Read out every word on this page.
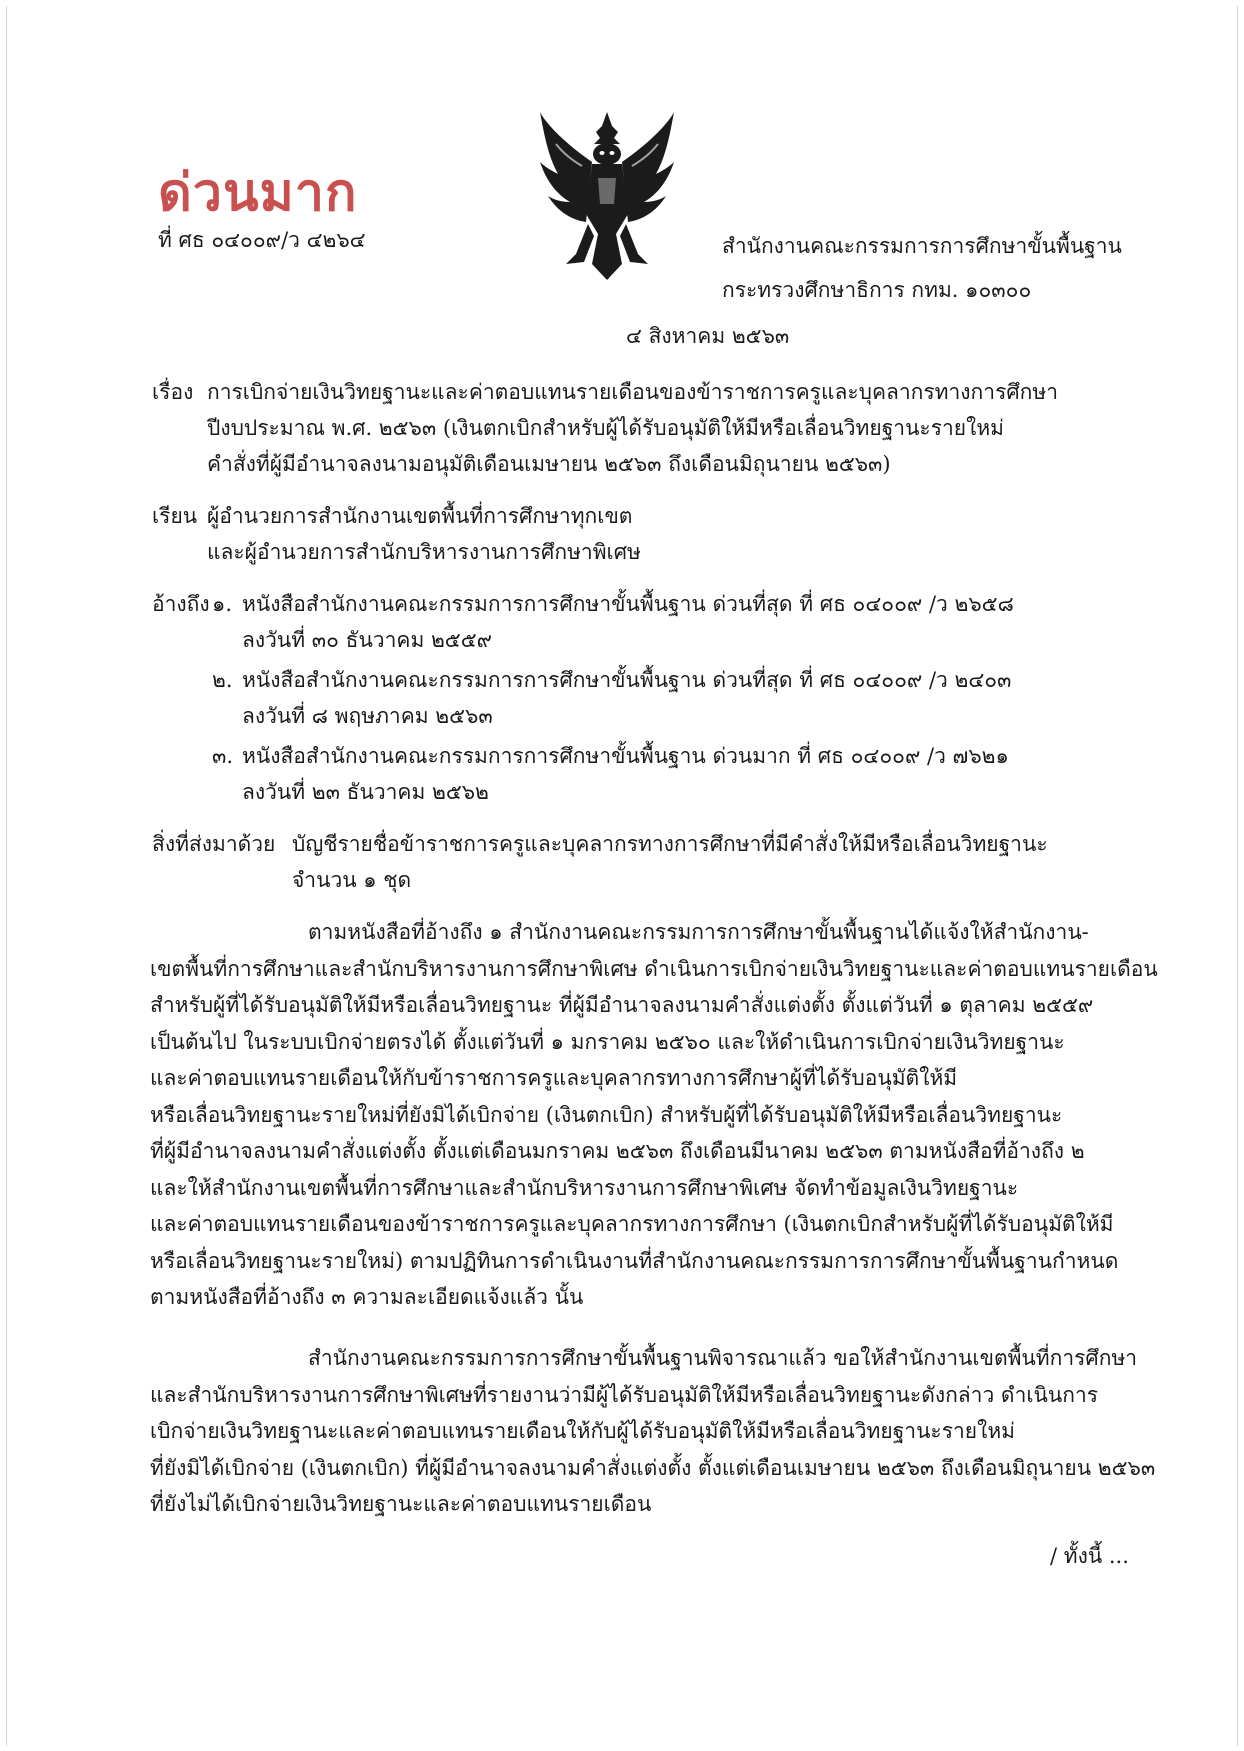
ด่วนมาก
ที่ ศธ ๐๔๐๐๙/ว ๔๒๖๔	สำนักงานคณะกรรมการการศึกษาขั้นพื้นฐาน
กระทรวงศึกษาธิการ กทม. ๑๐๓๐๐
๔ สิงหาคม ๒๕๖๓
เรื่อง การเบิกจ่ายเงินวิทยฐานะและค่าตอบแทนรายเดือนของข้าราชการครูและบุคลากรทางการศึกษา
ปีงบประมาณ พ.ศ. ๒๕๖๓ (เงินตกเบิกสำหรับผู้ได้รับอนุมัติให้มีหรือเลื่อนวิทยฐานะรายใหม่
คำสั่งที่ผู้มีอำนาจลงนามอนุมัติเดือนเมษายน ๒๕๖๓ ถึงเดือนมิถุนายน ๒๕๖๓)
เรียน ผู้อำนวยการสำนักงานเขตพื้นที่การศึกษาทุกเขต
และผู้อำนวยการสำนักบริหารงานการศึกษาพิเศษ
อ้างถึง ๑. หนังสือสำนักงานคณะกรรมการการศึกษาขั้นพื้นฐาน ด่วนที่สุด ที่ ศธ ๐๔๐๐๙ /ว ๒๖๕๘
ลงวันที่ ๓๐ ธันวาคม ๒๕๕๙
๒. หนังสือสำนักงานคณะกรรมการการศึกษาขั้นพื้นฐาน ด่วนที่สุด ที่ ศธ ๐๔๐๐๙ /ว ๒๔๐๓
ลงวันที่ ๘ พฤษภาคม ๒๕๖๓
๓. หนังสือสำนักงานคณะกรรมการการศึกษาขั้นพื้นฐาน ด่วนมาก ที่ ศธ ๐๔๐๐๙ /ว ๗๖๒๑
ลงวันที่ ๒๓ ธันวาคม ๒๕๖๒
สิ่งที่ส่งมาด้วย บัญชีรายชื่อข้าราชการครูและบุคลากรทางการศึกษาที่มีคำสั่งให้มีหรือเลื่อนวิทยฐานะ
จำนวน ๑ ชุด
ตามหนังสือที่อ้างถึง ๑ สำนักงานคณะกรรมการการศึกษาขั้นพื้นฐานได้แจ้งให้สำนักงาน-
เขตพื้นที่การศึกษาและสำนักบริหารงานการศึกษาพิเศษ ดำเนินการเบิกจ่ายเงินวิทยฐานะและค่าตอบแทนรายเดือน
สำหรับผู้ที่ได้รับอนุมัติให้มีหรือเลื่อนวิทยฐานะ ที่ผู้มีอำนาจลงนามคำสั่งแต่งตั้ง ตั้งแต่วันที่ ๑ ตุลาคม ๒๕๕๙
เป็นต้นไป ในระบบเบิกจ่ายตรงได้ ตั้งแต่วันที่ ๑ มกราคม ๒๕๖๐ และให้ดำเนินการเบิกจ่ายเงินวิทยฐานะ
และค่าตอบแทนรายเดือนให้กับข้าราชการครูและบุคลากรทางการศึกษาผู้ที่ได้รับอนุมัติให้มี
หรือเลื่อนวิทยฐานะรายใหม่ที่ยังมิได้เบิกจ่าย (เงินตกเบิก) สำหรับผู้ที่ได้รับอนุมัติให้มีหรือเลื่อนวิทยฐานะ
ที่ผู้มีอำนาจลงนามคำสั่งแต่งตั้ง ตั้งแต่เดือนมกราคม ๒๕๖๓ ถึงเดือนมีนาคม ๒๕๖๓ ตามหนังสือที่อ้างถึง ๒
และให้สำนักงานเขตพื้นที่การศึกษาและสำนักบริหารงานการศึกษาพิเศษ จัดทำข้อมูลเงินวิทยฐานะ
และค่าตอบแทนรายเดือนของข้าราชการครูและบุคลากรทางการศึกษา (เงินตกเบิกสำหรับผู้ที่ได้รับอนุมัติให้มี
หรือเลื่อนวิทยฐานะรายใหม่) ตามปฏิทินการดำเนินงานที่สำนักงานคณะกรรมการการศึกษาขั้นพื้นฐานกำหนด
ตามหนังสือที่อ้างถึง ๓ ความละเอียดแจ้งแล้ว นั้น
สำนักงานคณะกรรมการการศึกษาขั้นพื้นฐานพิจารณาแล้ว ขอให้สำนักงานเขตพื้นที่การศึกษา
และสำนักบริหารงานการศึกษาพิเศษที่รายงานว่ามีผู้ได้รับอนุมัติให้มีหรือเลื่อนวิทยฐานะดังกล่าว ดำเนินการ
เบิกจ่ายเงินวิทยฐานะและค่าตอบแทนรายเดือนให้กับผู้ได้รับอนุมัติให้มีหรือเลื่อนวิทยฐานะรายใหม่
ที่ยังมิได้เบิกจ่าย (เงินตกเบิก) ที่ผู้มีอำนาจลงนามคำสั่งแต่งตั้ง ตั้งแต่เดือนเมษายน ๒๕๖๓ ถึงเดือนมิถุนายน ๒๕๖๓
ที่ยังไม่ได้เบิกจ่ายเงินวิทยฐานะและค่าตอบแทนรายเดือน
/ ทั้งนี้ ...
